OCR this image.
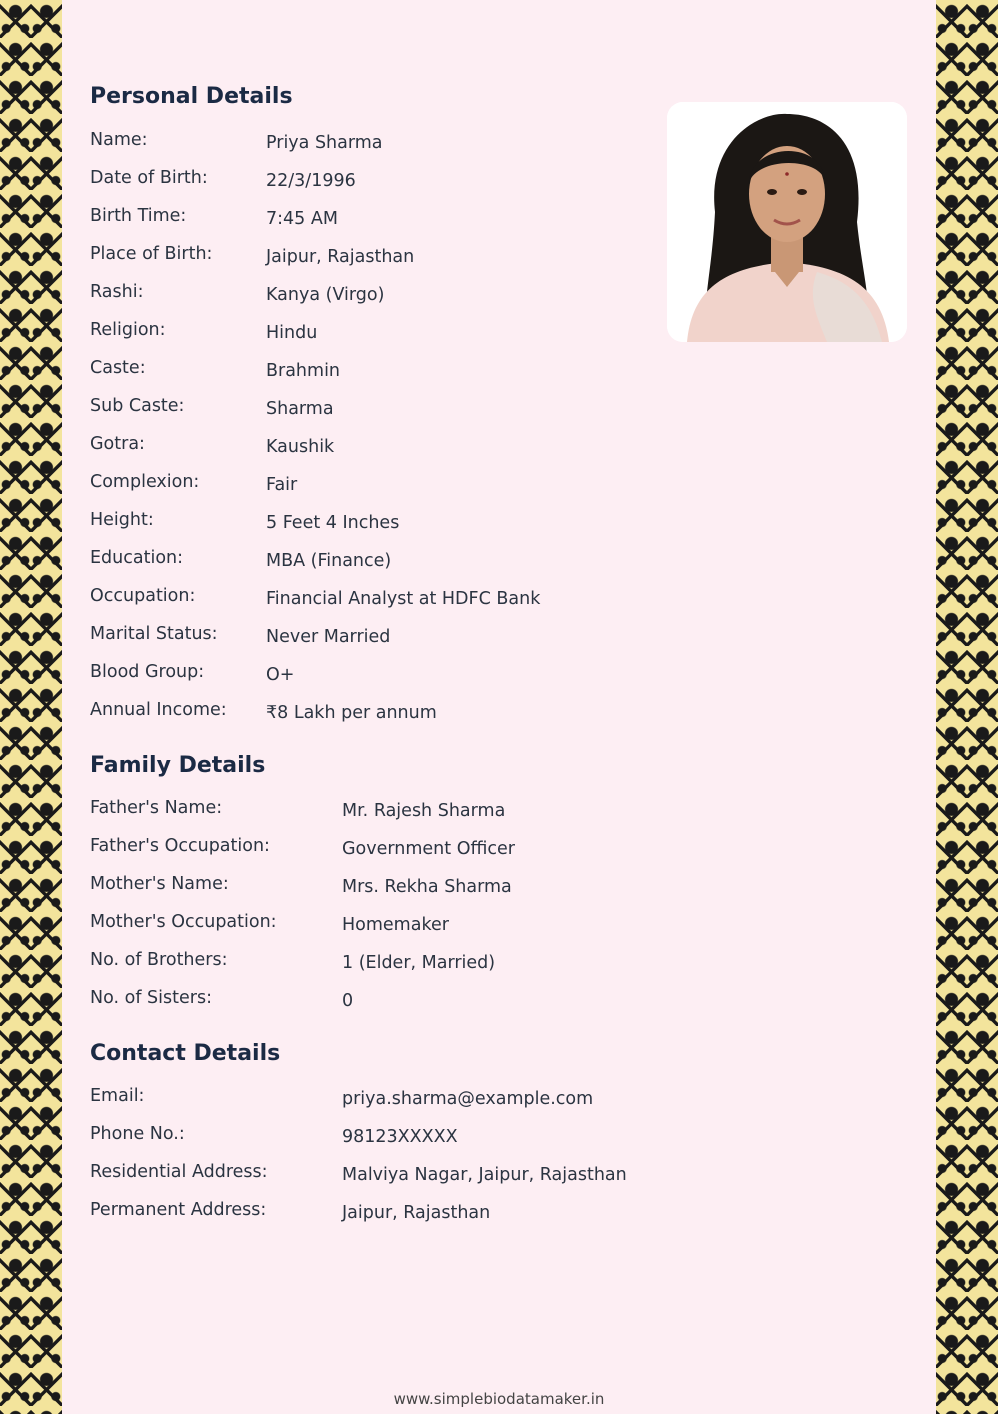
Personal Details
Name:	Priya Sharma
Date of Birth:	22/3/1996
Birth Time:	7:45 AM
Place of Birth:	Jaipur, Rajasthan
Rashi:	Kanya (Virgo)
Religion:	Hindu
Caste:	Brahmin
Sub Caste:	Sharma
Gotra:	Kaushik
Complexion:	Fair
Height:	5 Feet 4 Inches
Education:	MBA (Finance)
Occupation:	Financial Analyst at HDFC Bank
Marital Status:	Never Married
Blood Group:	O+
Annual Income: ₹8 Lakh per annum
Family Details
Father's Name:	Mr. Rajesh Sharma
Father's Occupation:	Government Officer
Mother's Name:	Mrs. Rekha Sharma
Mother's Occupation:	Homemaker
No. of Brothers:	1 (Elder, Married)
No. of Sisters:	0
Contact Details
Email:	priya.sharma@example.com
Phone No.:	98123XXXXX
Residential Address:	Malviya Nagar, Jaipur, Rajasthan
Permanent Address:	Jaipur, Rajasthan
www.simplebiodatamaker.in
